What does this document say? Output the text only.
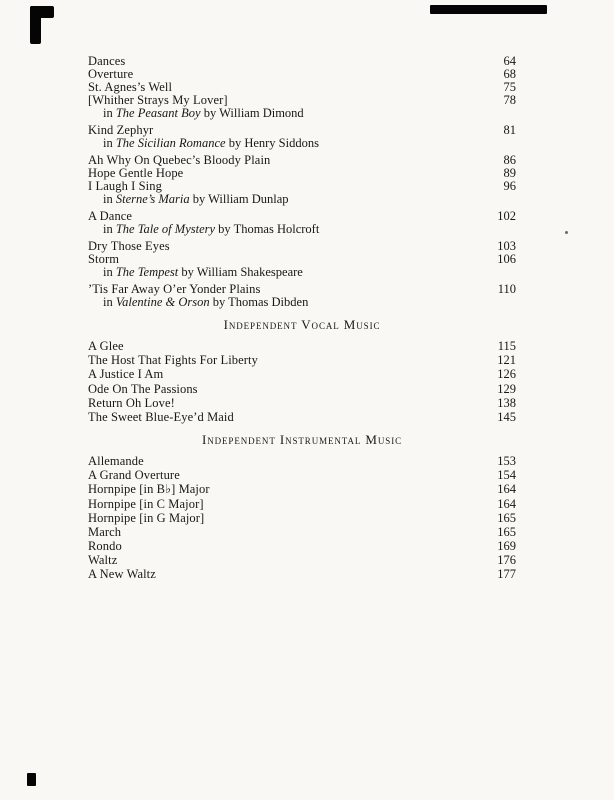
Dances	64
Overture	68
St. Agnes’s Well	75
[Whither Strays My Lover]	78
in The Peasant Boy by William Dimond
Kind Zephyr	81
in The Sicilian Romance by Henry Siddons
Ah Why On Quebec’s Bloody Plain	86
Hope Gentle Hope	89
I Laugh I Sing	96
in Sterne’s Maria by William Dunlap
A Dance	102
in The Tale of Mystery by Thomas Holcroft
Dry Those Eyes	103
Storm	106
in The Tempest by William Shakespeare
’Tis Far Away O’er Yonder Plains	110
in Valentine & Orson by Thomas Dibden
Independent Vocal Music
A Glee	115
The Host That Fights For Liberty	121
A Justice I Am	126
Ode On The Passions	129
Return Oh Love!	138
The Sweet Blue-Eye’d Maid	145
Independent Instrumental Music
Allemande	153
A Grand Overture	154
Hornpipe [in B♭] Major	164
Hornpipe [in C Major]	164
Hornpipe [in G Major]	165
March	165
Rondo	169
Waltz	176
A New Waltz	177
